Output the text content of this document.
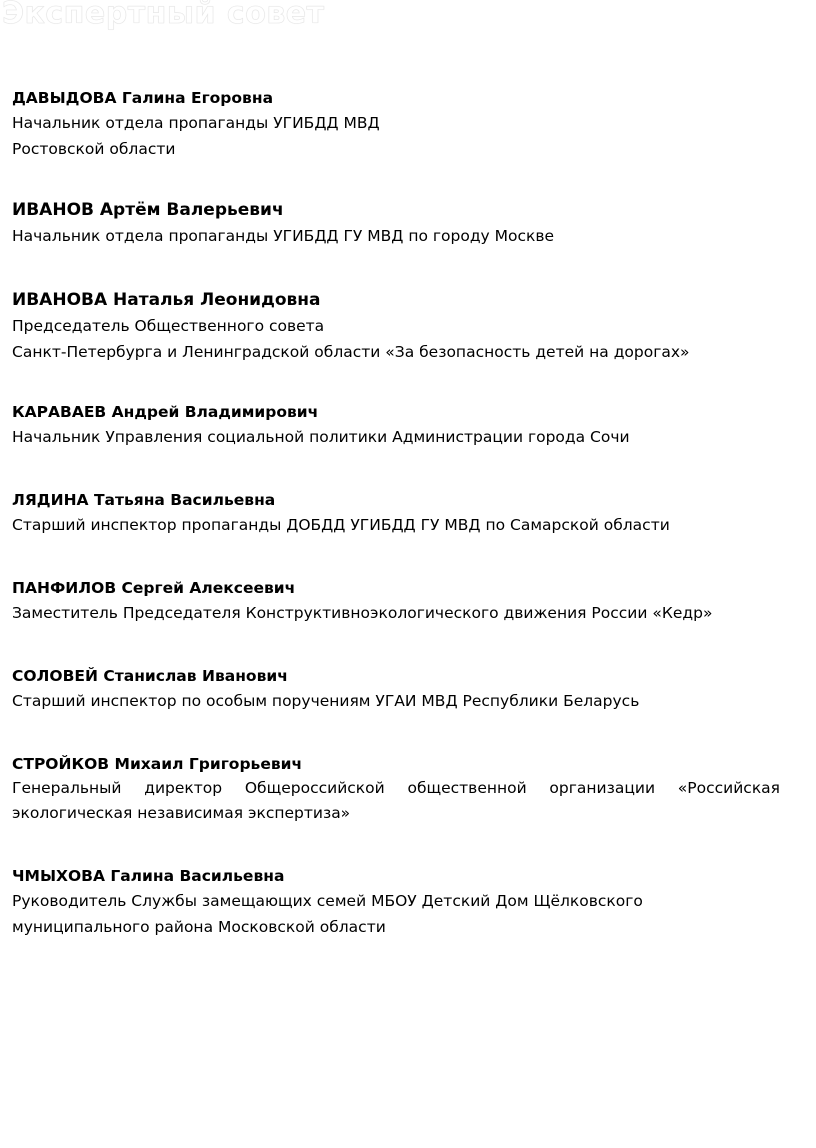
Экспертный совет
ДАВЫДОВА Галина Егоровна
Начальник отдела пропаганды УГИБДД МВД
Ростовской области
ИВАНОВ Артём Валерьевич
Начальник отдела пропаганды УГИБДД ГУ МВД по городу Москве
ИВАНОВА Наталья Леонидовна
Председатель Общественного совета
Санкт-Петербурга и Ленинградской области «За безопасность детей на дорогах»
КАРАВАЕВ Андрей Владимирович
Начальник Управления социальной политики Администрации города Сочи
ЛЯДИНА Татьяна Васильевна
Старший инспектор пропаганды ДОБДД УГИБДД ГУ МВД по Самарской области
ПАНФИЛОВ Сергей Алексеевич
Заместитель Председателя Конструктивноэкологического движения России «Кедр»
СОЛОВЕЙ Станислав Иванович
Старший инспектор по особым поручениям УГАИ МВД Республики Беларусь
СТРОЙКОВ Михаил Григорьевич
Генеральный директор Общероссийской общественной организации «Российская
экологическая независимая экспертиза»
ЧМЫХОВА Галина Васильевна
Руководитель Службы замещающих семей МБОУ Детский Дом Щёлковского
муниципального района Московской области
